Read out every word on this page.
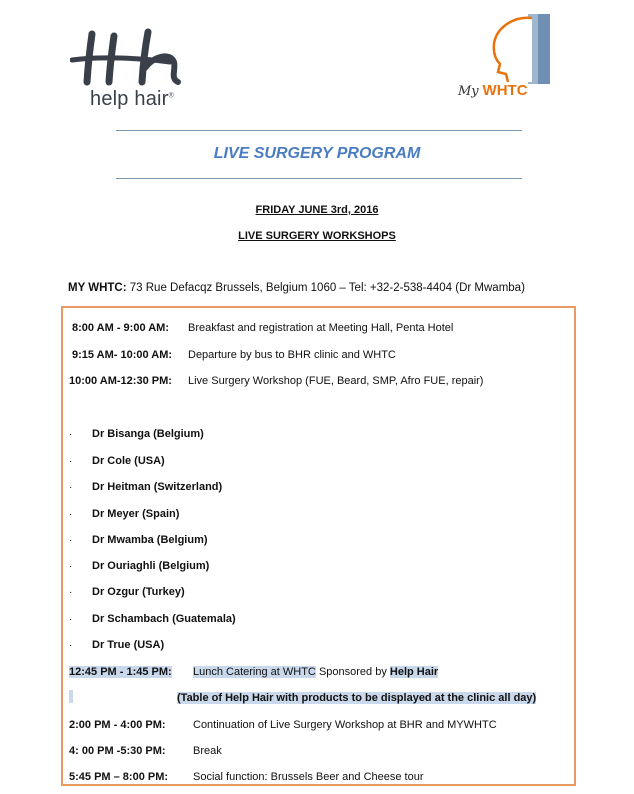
help hair®	My WHTC
LIVE SURGERY PROGRAM
FRIDAY JUNE 3rd, 2016
LIVE SURGERY WORKSHOPS
MY WHTC: 73 Rue Defacqz Brussels, Belgium 1060 – Tel: +32-2-538-4404 (Dr Mwamba)
8:00 AM - 9:00 AM: Breakfast and registration at Meeting Hall, Penta Hotel
9:15 AM- 10:00 AM: Departure by bus to BHR clinic and WHTC
10:00 AM-12:30 PM: Live Surgery Workshop (FUE, Beard, SMP, Afro FUE, repair)
· Dr Bisanga (Belgium)
· Dr Cole (USA)
· Dr Heitman (Switzerland)
· Dr Meyer (Spain)
· Dr Mwamba (Belgium)
· Dr Ouriaghli (Belgium)
· Dr Ozgur (Turkey)
· Dr Schambach (Guatemala)
· Dr True (USA)
12:45 PM - 1:45 PM: Lunch Catering at WHTC Sponsored by Help Hair
(Table of Help Hair with products to be displayed at the clinic all day)
2:00 PM - 4:00 PM: Continuation of Live Surgery Workshop at BHR and MYWHTC
4: 00 PM -5:30 PM: Break
5:45 PM – 8:00 PM: Social function: Brussels Beer and Cheese tour
